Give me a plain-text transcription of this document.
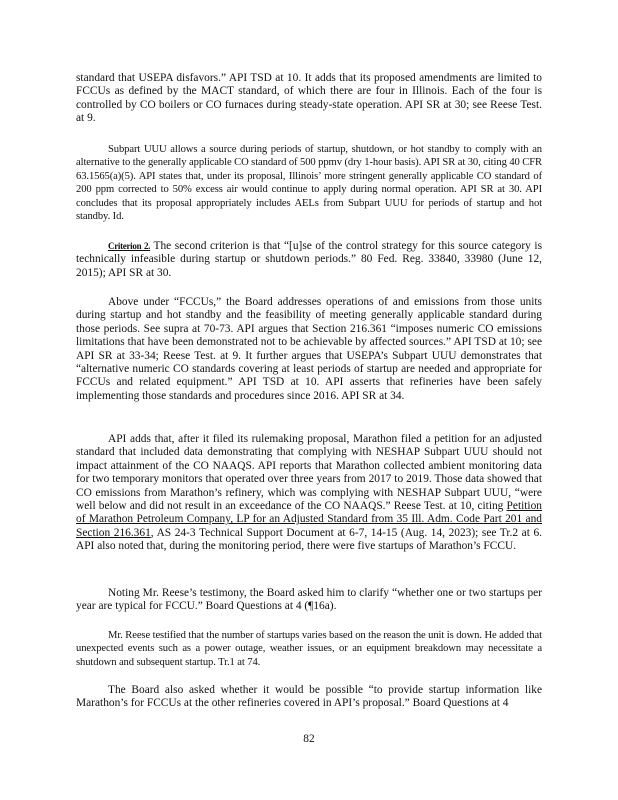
standard that USEPA disfavors.” API TSD at 10. It adds that its proposed amendments are limited to FCCUs as defined by the MACT standard, of which there are four in Illinois. Each of the four is controlled by CO boilers or CO furnaces during steady-state operation. API SR at 30; see Reese Test. at 9.

Subpart UUU allows a source during periods of startup, shutdown, or hot standby to comply with an alternative to the generally applicable CO standard of 500 ppmv (dry 1-hour basis). API SR at 30, citing 40 CFR 63.1565(a)(5). API states that, under its proposal, Illinois’ more stringent generally applicable CO standard of 200 ppm corrected to 50% excess air would continue to apply during normal operation. API SR at 30. API concludes that its proposal appropriately includes AELs from Subpart UUU for periods of startup and hot standby. Id.

Criterion 2. The second criterion is that “[u]se of the control strategy for this source category is technically infeasible during startup or shutdown periods.” 80 Fed. Reg. 33840, 33980 (June 12, 2015); API SR at 30.

Above under “FCCUs,” the Board addresses operations of and emissions from those units during startup and hot standby and the feasibility of meeting generally applicable standard during those periods. See supra at 70-73. API argues that Section 216.361 “imposes numeric CO emissions limitations that have been demonstrated not to be achievable by affected sources.” API TSD at 10; see API SR at 33-34; Reese Test. at 9. It further argues that USEPA’s Subpart UUU demonstrates that “alternative numeric CO standards covering at least periods of startup are needed and appropriate for FCCUs and related equipment.” API TSD at 10. API asserts that refineries have been safely implementing those standards and procedures since 2016. API SR at 34.

API adds that, after it filed its rulemaking proposal, Marathon filed a petition for an adjusted standard that included data demonstrating that complying with NESHAP Subpart UUU should not impact attainment of the CO NAAQS. API reports that Marathon collected ambient monitoring data for two temporary monitors that operated over three years from 2017 to 2019. Those data showed that CO emissions from Marathon’s refinery, which was complying with NESHAP Subpart UUU, “were well below and did not result in an exceedance of the CO NAAQS.” Reese Test. at 10, citing Petition of Marathon Petroleum Company, LP for an Adjusted Standard from 35 Ill. Adm. Code Part 201 and Section 216.361, AS 24-3 Technical Support Document at 6-7, 14-15 (Aug. 14, 2023); see Tr.2 at 6. API also noted that, during the monitoring period, there were five startups of Marathon’s FCCU.

Noting Mr. Reese’s testimony, the Board asked him to clarify “whether one or two startups per year are typical for FCCU.” Board Questions at 4 (¶16a).

Mr. Reese testified that the number of startups varies based on the reason the unit is down. He added that unexpected events such as a power outage, weather issues, or an equipment breakdown may necessitate a shutdown and subsequent startup. Tr.1 at 74.

The Board also asked whether it would be possible “to provide startup information like Marathon’s for FCCUs at the other refineries covered in API’s proposal.” Board Questions at 4

82
